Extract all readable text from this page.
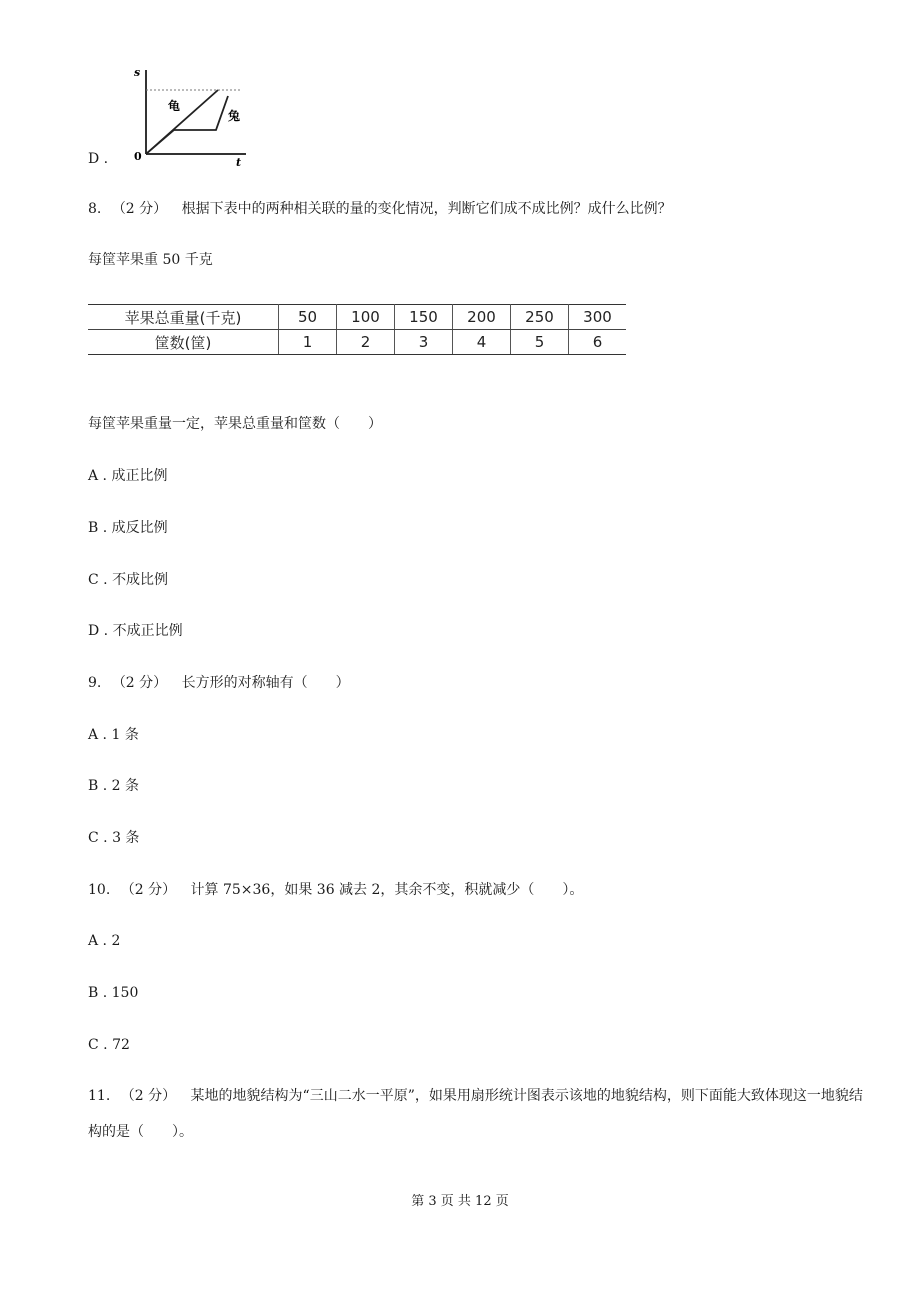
s
t
0
龟
兔
D .
8. （2 分） 根据下表中的两种相关联的量的变化情况，判断它们成不成比例？成什么比例？
每筐苹果重 50 千克
苹果总重量(千克)	50	100	150	200	250	300
筐数(筐)	1	2	3	4	5	6
每筐苹果重量一定，苹果总重量和筐数（　　）
A . 成正比例
B . 成反比例
C . 不成比例
D . 不成正比例
9. （2 分） 长方形的对称轴有（　　）
A . 1 条
B . 2 条
C . 3 条
10. （2 分） 计算 75×36，如果 36 减去 2，其余不变，积就减少（　　）。
A . 2
B . 150
C . 72
11. （2 分） 某地的地貌结构为“三山二水一平原”，如果用扇形统计图表示该地的地貌结构，则下面能大致体现这一地貌结构的是（　　）。
第 3 页 共 12 页
